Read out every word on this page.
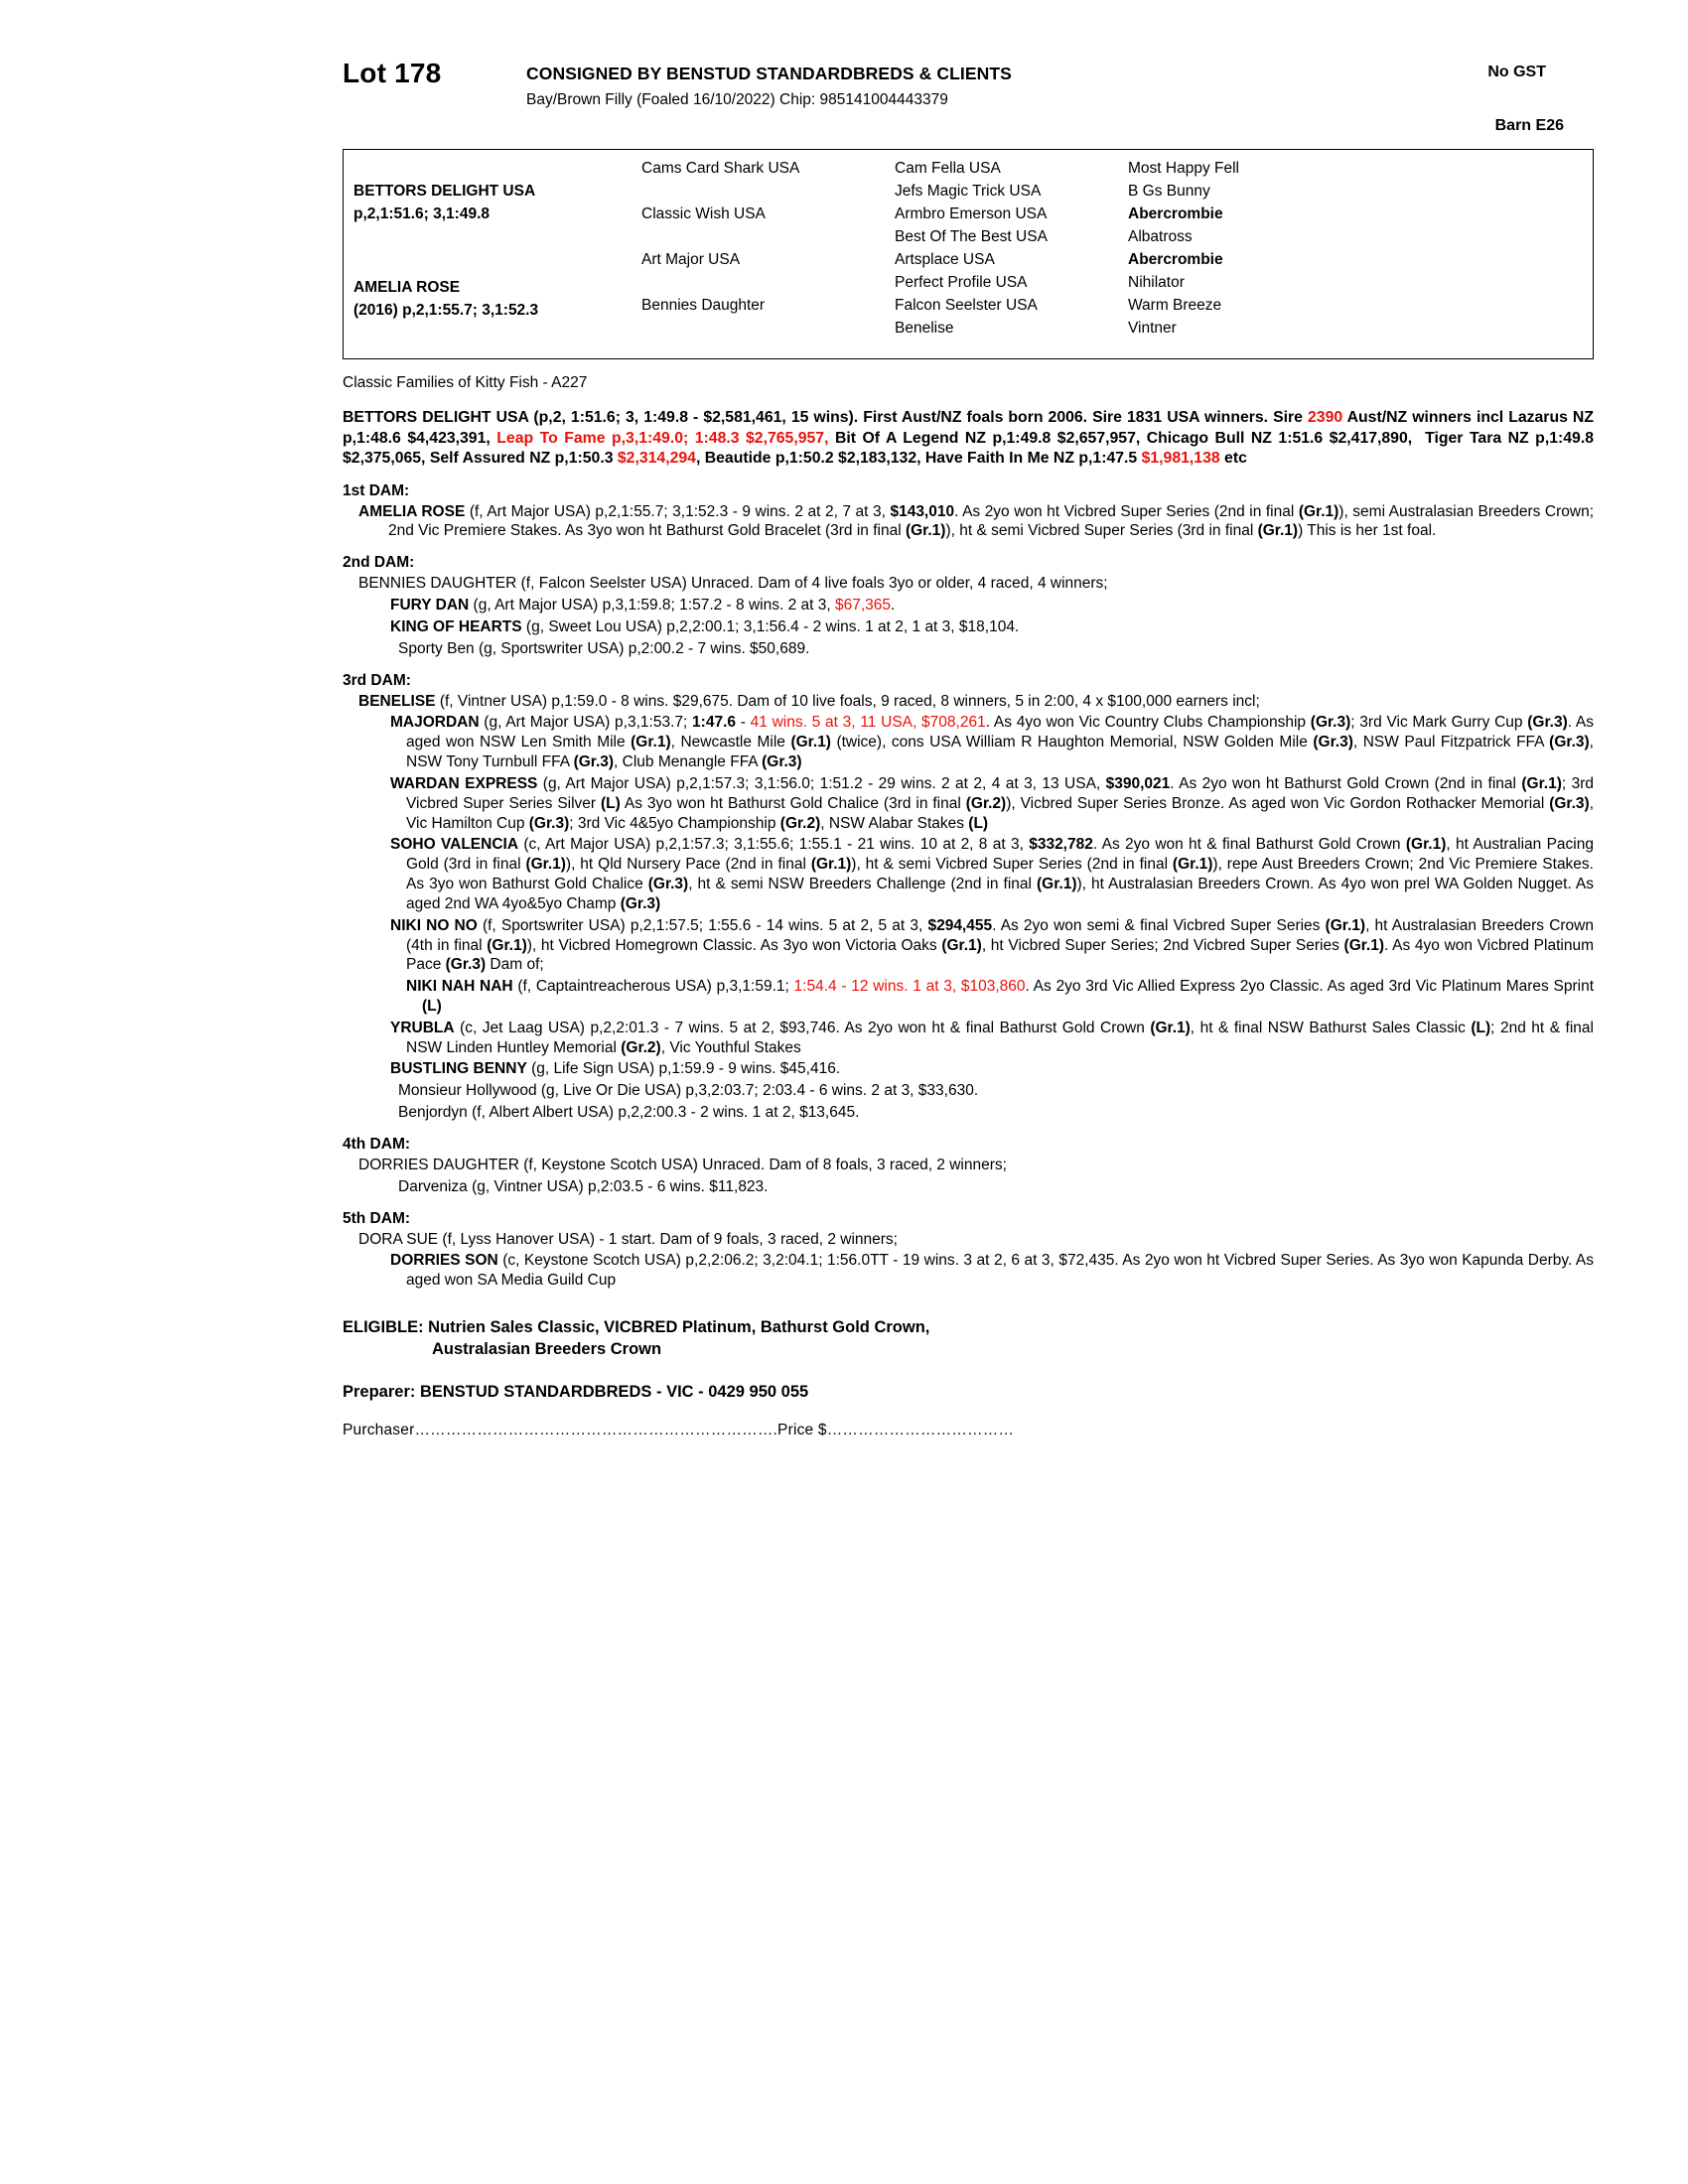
Lot 178	CONSIGNED BY BENSTUD STANDARDBREDS & CLIENTS
Bay/Brown Filly (Foaled 16/10/2022) Chip: 985141004443379
No GST
Barn E26
BETTORS DELIGHT USA
p,2,1:51.6; 3,1:49.8
AMELIA ROSE
(2016) p,2,1:55.7; 3,1:52.3
Cams Card Shark USA
Classic Wish USA
Art Major USA
Bennies Daughter
Cam Fella USA
Jefs Magic Trick USA
Armbro Emerson USA
Best Of The Best USA
Artsplace USA
Perfect Profile USA
Falcon Seelster USA
Benelise
Most Happy Fell
B Gs Bunny
Abercrombie
Albatross
Abercrombie
Nihilator
Warm Breeze
Vintner
Classic Families of Kitty Fish - A227
BETTORS DELIGHT USA (p,2, 1:51.6; 3, 1:49.8 - $2,581,461, 15 wins). First Aust/NZ foals born 2006. Sire 1831 USA winners. Sire 2390 Aust/NZ winners incl Lazarus NZ p,1:48.6 $4,423,391, Leap To Fame p,3,1:49.0; 1:48.3 $2,765,957, Bit Of A Legend NZ p,1:49.8 $2,657,957, Chicago Bull NZ 1:51.6 $2,417,890,  Tiger Tara NZ p,1:49.8 $2,375,065, Self Assured NZ p,1:50.3 $2,314,294, Beautide p,1:50.2 $2,183,132, Have Faith In Me NZ p,1:47.5 $1,981,138 etc
1st DAM:
AMELIA ROSE (f, Art Major USA) p,2,1:55.7; 3,1:52.3 - 9 wins. 2 at 2, 7 at 3, $143,010. As 2yo won ht Vicbred Super Series (2nd in final (Gr.1)), semi Australasian Breeders Crown; 2nd Vic Premiere Stakes. As 3yo won ht Bathurst Gold Bracelet (3rd in final (Gr.1)), ht & semi Vicbred Super Series (3rd in final (Gr.1)) This is her 1st foal.
2nd DAM:
BENNIES DAUGHTER (f, Falcon Seelster USA) Unraced. Dam of 4 live foals 3yo or older, 4 raced, 4 winners;
FURY DAN (g, Art Major USA) p,3,1:59.8; 1:57.2 - 8 wins. 2 at 3, $67,365.
KING OF HEARTS (g, Sweet Lou USA) p,2,2:00.1; 3,1:56.4 - 2 wins. 1 at 2, 1 at 3, $18,104.
Sporty Ben (g, Sportswriter USA) p,2:00.2 - 7 wins. $50,689.
3rd DAM:
BENELISE (f, Vintner USA) p,1:59.0 - 8 wins. $29,675. Dam of 10 live foals, 9 raced, 8 winners, 5 in 2:00, 4 x $100,000 earners incl;
MAJORDAN (g, Art Major USA) p,3,1:53.7; 1:47.6 - 41 wins. 5 at 3, 11 USA, $708,261. As 4yo won Vic Country Clubs Championship (Gr.3); 3rd Vic Mark Gurry Cup (Gr.3). As aged won NSW Len Smith Mile (Gr.1), Newcastle Mile (Gr.1) (twice), cons USA William R Haughton Memorial, NSW Golden Mile (Gr.3), NSW Paul Fitzpatrick FFA (Gr.3), NSW Tony Turnbull FFA (Gr.3), Club Menangle FFA (Gr.3)
WARDAN EXPRESS (g, Art Major USA) p,2,1:57.3; 3,1:56.0; 1:51.2 - 29 wins. 2 at 2, 4 at 3, 13 USA, $390,021. As 2yo won ht Bathurst Gold Crown (2nd in final (Gr.1); 3rd Vicbred Super Series Silver (L) As 3yo won ht Bathurst Gold Chalice (3rd in final (Gr.2)), Vicbred Super Series Bronze. As aged won Vic Gordon Rothacker Memorial (Gr.3), Vic Hamilton Cup (Gr.3); 3rd Vic 4&5yo Championship (Gr.2), NSW Alabar Stakes (L)
SOHO VALENCIA (c, Art Major USA) p,2,1:57.3; 3,1:55.6; 1:55.1 - 21 wins. 10 at 2, 8 at 3, $332,782. As 2yo won ht & final Bathurst Gold Crown (Gr.1), ht Australian Pacing Gold (3rd in final (Gr.1)), ht Qld Nursery Pace (2nd in final (Gr.1)), ht & semi Vicbred Super Series (2nd in final (Gr.1)), repe Aust Breeders Crown; 2nd Vic Premiere Stakes. As 3yo won Bathurst Gold Chalice (Gr.3), ht & semi NSW Breeders Challenge (2nd in final (Gr.1)), ht Australasian Breeders Crown. As 4yo won prel WA Golden Nugget. As aged 2nd WA 4yo&5yo Champ (Gr.3)
NIKI NO NO (f, Sportswriter USA) p,2,1:57.5; 1:55.6 - 14 wins. 5 at 2, 5 at 3, $294,455. As 2yo won semi & final Vicbred Super Series (Gr.1), ht Australasian Breeders Crown (4th in final (Gr.1)), ht Vicbred Homegrown Classic. As 3yo won Victoria Oaks (Gr.1), ht Vicbred Super Series; 2nd Vicbred Super Series (Gr.1). As 4yo won Vicbred Platinum Pace (Gr.3) Dam of;
NIKI NAH NAH (f, Captaintreacherous USA) p,3,1:59.1; 1:54.4 - 12 wins. 1 at 3, $103,860. As 2yo 3rd Vic Allied Express 2yo Classic. As aged 3rd Vic Platinum Mares Sprint (L)
YRUBLA (c, Jet Laag USA) p,2,2:01.3 - 7 wins. 5 at 2, $93,746. As 2yo won ht & final Bathurst Gold Crown (Gr.1), ht & final NSW Bathurst Sales Classic (L); 2nd ht & final NSW Linden Huntley Memorial (Gr.2), Vic Youthful Stakes
BUSTLING BENNY (g, Life Sign USA) p,1:59.9 - 9 wins. $45,416.
Monsieur Hollywood (g, Live Or Die USA) p,3,2:03.7; 2:03.4 - 6 wins. 2 at 3, $33,630.
Benjordyn (f, Albert Albert USA) p,2,2:00.3 - 2 wins. 1 at 2, $13,645.
4th DAM:
DORRIES DAUGHTER (f, Keystone Scotch USA) Unraced. Dam of 8 foals, 3 raced, 2 winners;
Darveniza (g, Vintner USA) p,2:03.5 - 6 wins. $11,823.
5th DAM:
DORA SUE (f, Lyss Hanover USA) - 1 start. Dam of 9 foals, 3 raced, 2 winners;
DORRIES SON (c, Keystone Scotch USA) p,2,2:06.2; 3,2:04.1; 1:56.0TT - 19 wins. 3 at 2, 6 at 3, $72,435. As 2yo won ht Vicbred Super Series. As 3yo won Kapunda Derby. As aged won SA Media Guild Cup
ELIGIBLE: Nutrien Sales Classic, VICBRED Platinum, Bathurst Gold Crown,
Australasian Breeders Crown
Preparer: BENSTUD STANDARDBREDS - VIC - 0429 950 055
Purchaser…………………………………………………………….Price $………………………………
